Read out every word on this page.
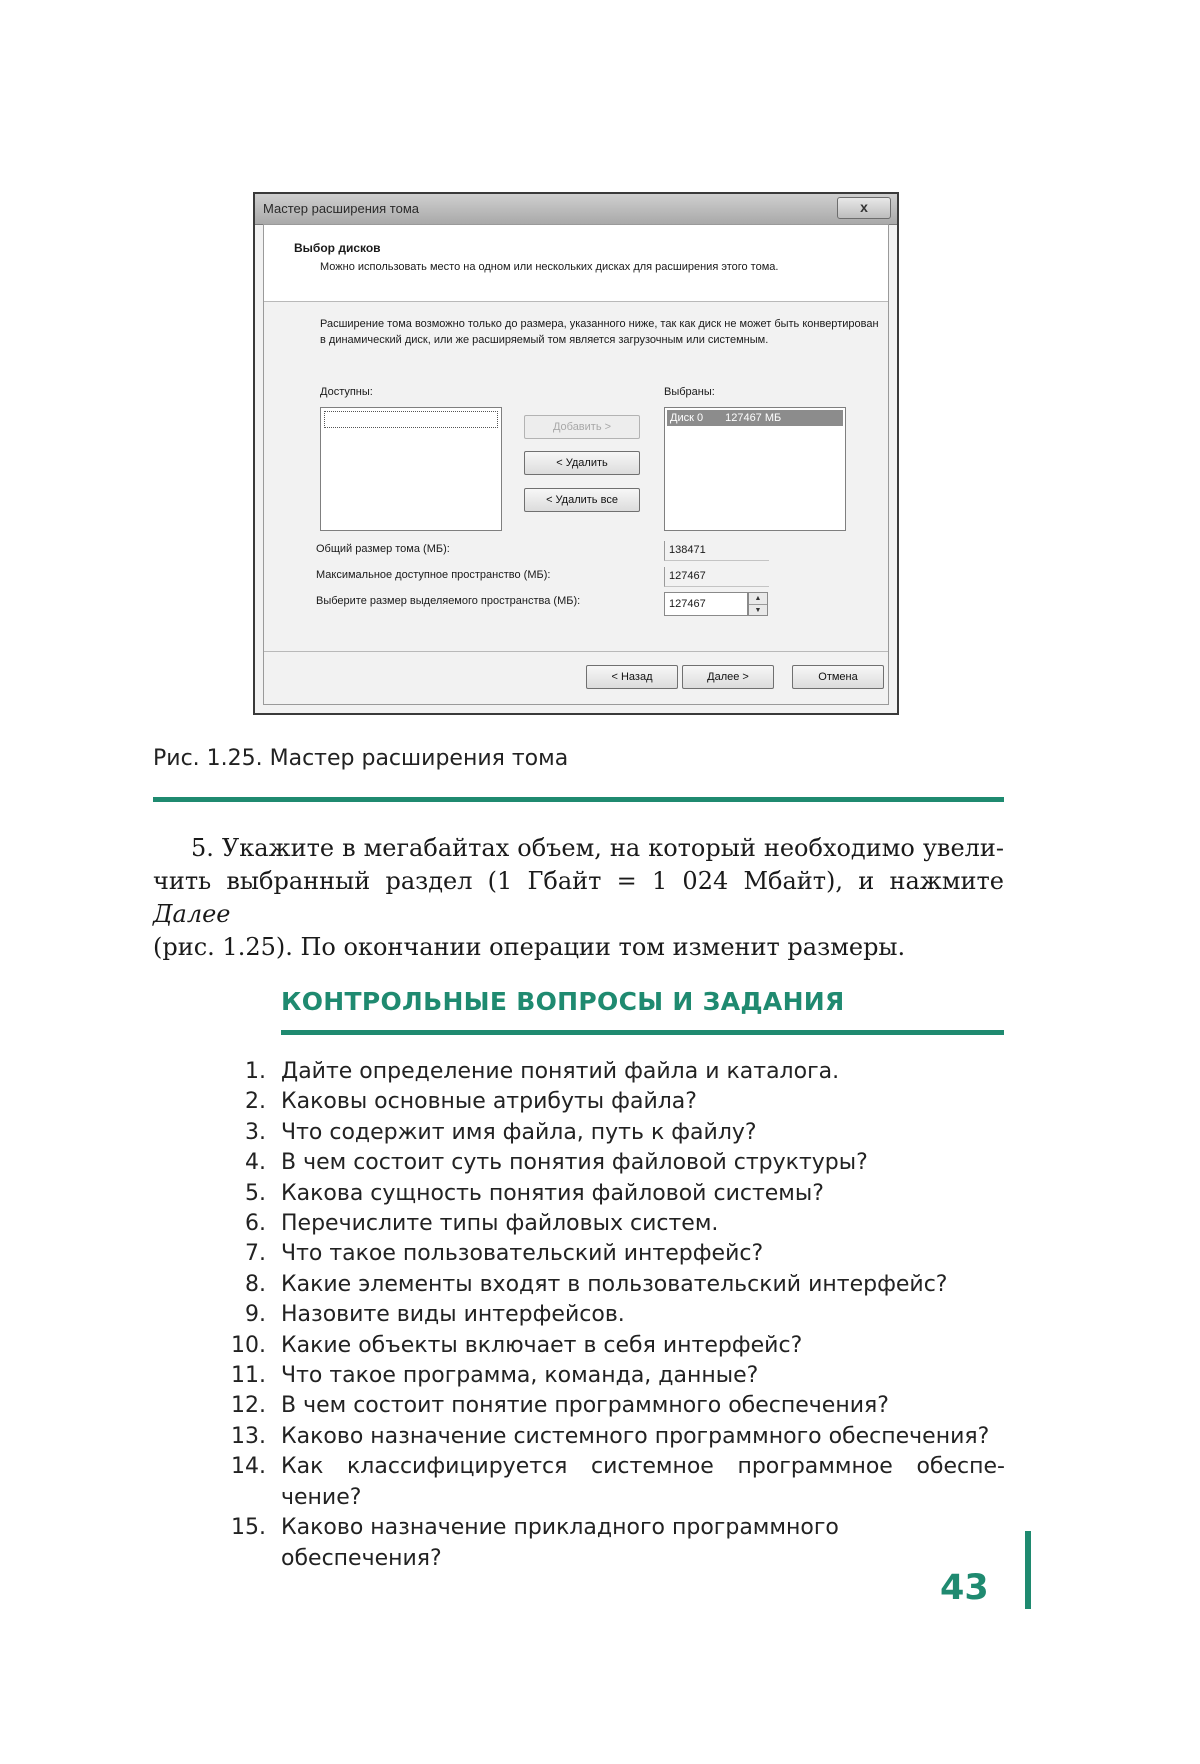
Мастер расширения тома	x
Выбор дисков
Можно использовать место на одном или нескольких дисках для расширения этого тома.
Расширение тома возможно только до размера, указанного ниже, так как диск не может быть конвертирован в динамический диск, или же расширяемый том является загрузочным или системным.
Доступны:
Добавить >
< Удалить
< Удалить все
Выбраны:
Диск 0 127467 МБ
Общий размер тома (МБ):	138471
Максимальное доступное пространство (МБ):	127467
Выберите размер выделяемого пространства (МБ):	127467	▲
▼
< Назад	Далее >	Отмена
Рис. 1.25. Мастер расширения тома
5. Укажите в мегабайтах объем, на который необходимо увели-
чить выбранный раздел (1 Гбайт = 1 024 Мбайт), и нажмите Далее
(рис. 1.25). По окончании операции том изменит размеры.
КОНТРОЛЬНЫЕ ВОПРОСЫ И ЗАДАНИЯ
1. Дайте определение понятий файла и каталога.
2. Каковы основные атрибуты файла?
3. Что содержит имя файла, путь к файлу?
4. В чем состоит суть понятия файловой структуры?
5. Какова сущность понятия файловой системы?
6. Перечислите типы файловых систем.
7. Что такое пользовательский интерфейс?
8. Какие элементы входят в пользовательский интерфейс?
9. Назовите виды интерфейсов.
10. Какие объекты включает в себя интерфейс?
11. Что такое программа, команда, данные?
12. В чем состоит понятие программного обеспечения?
13. Каково назначение системного программного обеспечения?
14. Как классифицируется системное программное обеспе-
чение?
15. Каково назначение прикладного программного обеспечения?
43
